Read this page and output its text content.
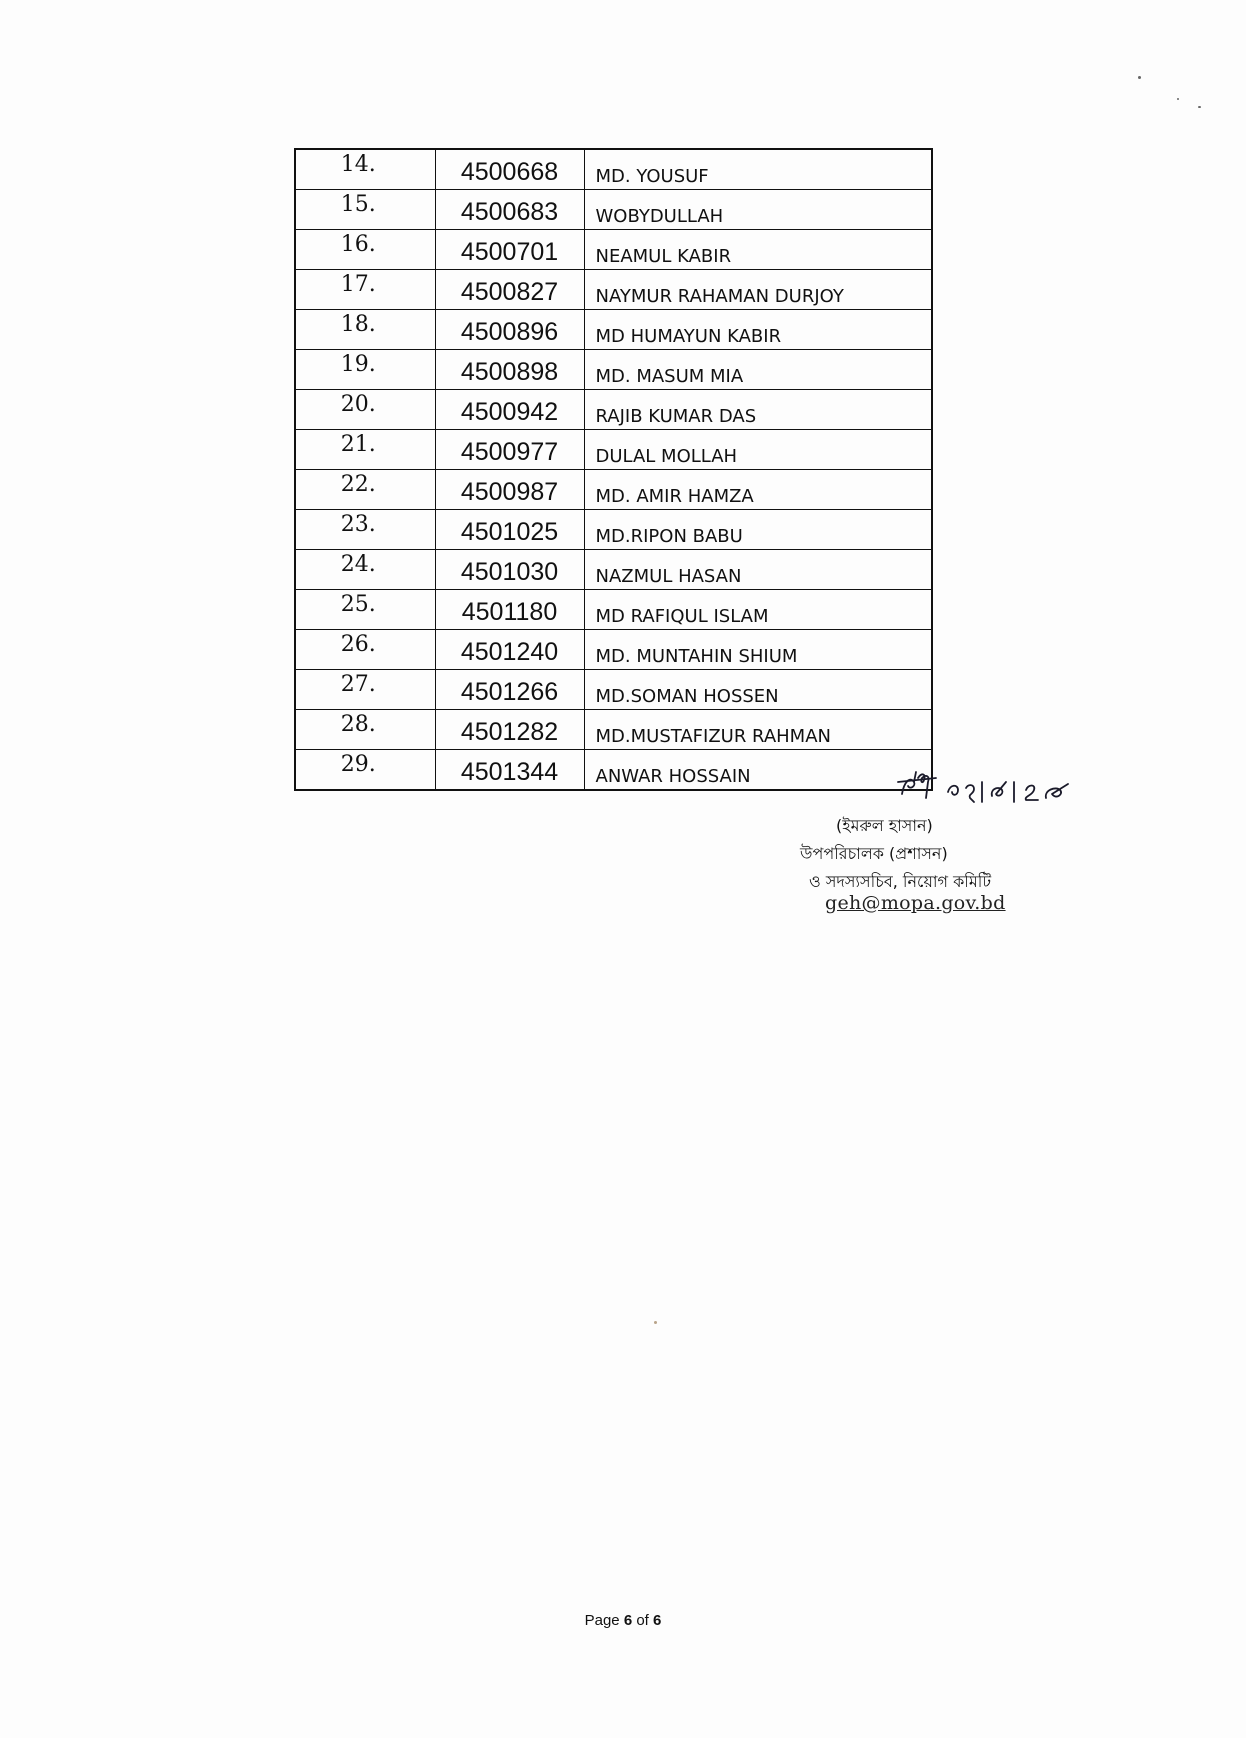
14.	4500668	MD. YOUSUF
15.	4500683	WOBYDULLAH
16.	4500701	NEAMUL KABIR
17.	4500827	NAYMUR RAHAMAN DURJOY
18.	4500896	MD HUMAYUN KABIR
19.	4500898	MD. MASUM MIA
20.	4500942	RAJIB KUMAR DAS
21.	4500977	DULAL MOLLAH
22.	4500987	MD. AMIR HAMZA
23.	4501025	MD.RIPON BABU
24.	4501030	NAZMUL HASAN
25.	4501180	MD RAFIQUL ISLAM
26.	4501240	MD. MUNTAHIN SHIUM
27.	4501266	MD.SOMAN HOSSEN
28.	4501282	MD.MUSTAFIZUR RAHMAN
29.	4501344	ANWAR HOSSAIN
(ইমরুল হাসান)
উপপরিচালক (প্রশাসন)
ও সদস্যসচিব, নিয়োগ কমিটি
geh@mopa.gov.bd
Page 6 of 6
